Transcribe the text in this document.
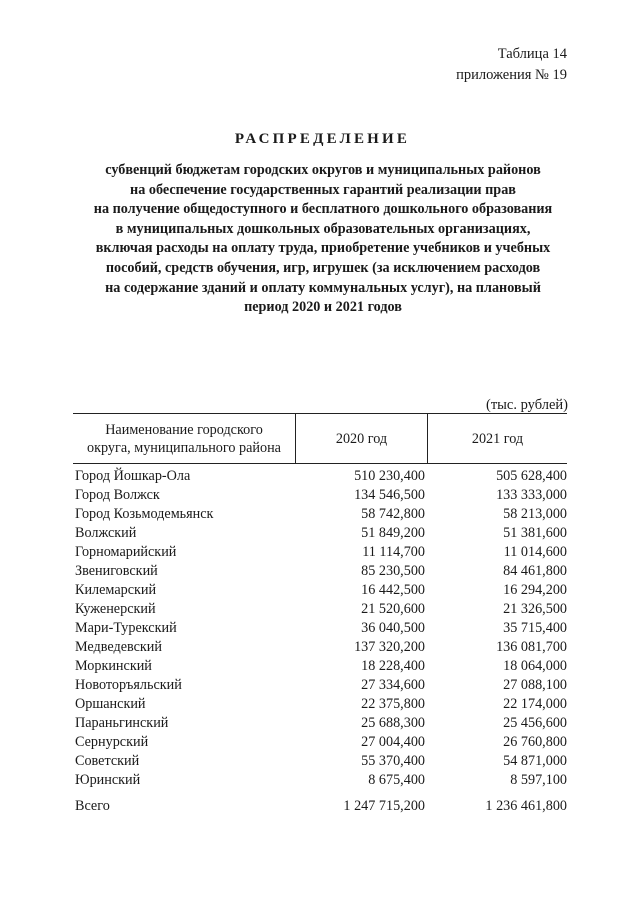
Таблица 14
приложения № 19
РАСПРЕДЕЛЕНИЕ
субвенций бюджетам городских округов и муниципальных районов
на обеспечение государственных гарантий реализации прав
на получение общедоступного и бесплатного дошкольного образования
в муниципальных дошкольных образовательных организациях,
включая расходы на оплату труда, приобретение учебников и учебных
пособий, средств обучения, игр, игрушек (за исключением расходов
на содержание зданий и оплату коммунальных услуг), на плановый
период 2020 и 2021 годов
(тыс. рублей)
Наименование городского
округа, муниципального района
2020 год	2021 год
Город Йошкар-Ола	510 230,400	505 628,400
Город Волжск	134 546,500	133 333,000
Город Козьмодемьянск	58 742,800	58 213,000
Волжский	51 849,200	51 381,600
Горномарийский	11 114,700	11 014,600
Звениговский	85 230,500	84 461,800
Килемарский	16 442,500	16 294,200
Куженерский	21 520,600	21 326,500
Мари-Турекский	36 040,500	35 715,400
Медведевский	137 320,200	136 081,700
Моркинский	18 228,400	18 064,000
Новоторъяльский	27 334,600	27 088,100
Оршанский	22 375,800	22 174,000
Параньгинский	25 688,300	25 456,600
Сернурский	27 004,400	26 760,800
Советский	55 370,400	54 871,000
Юринский	8 675,400	8 597,100
Всего	1 247 715,200	1 236 461,800
